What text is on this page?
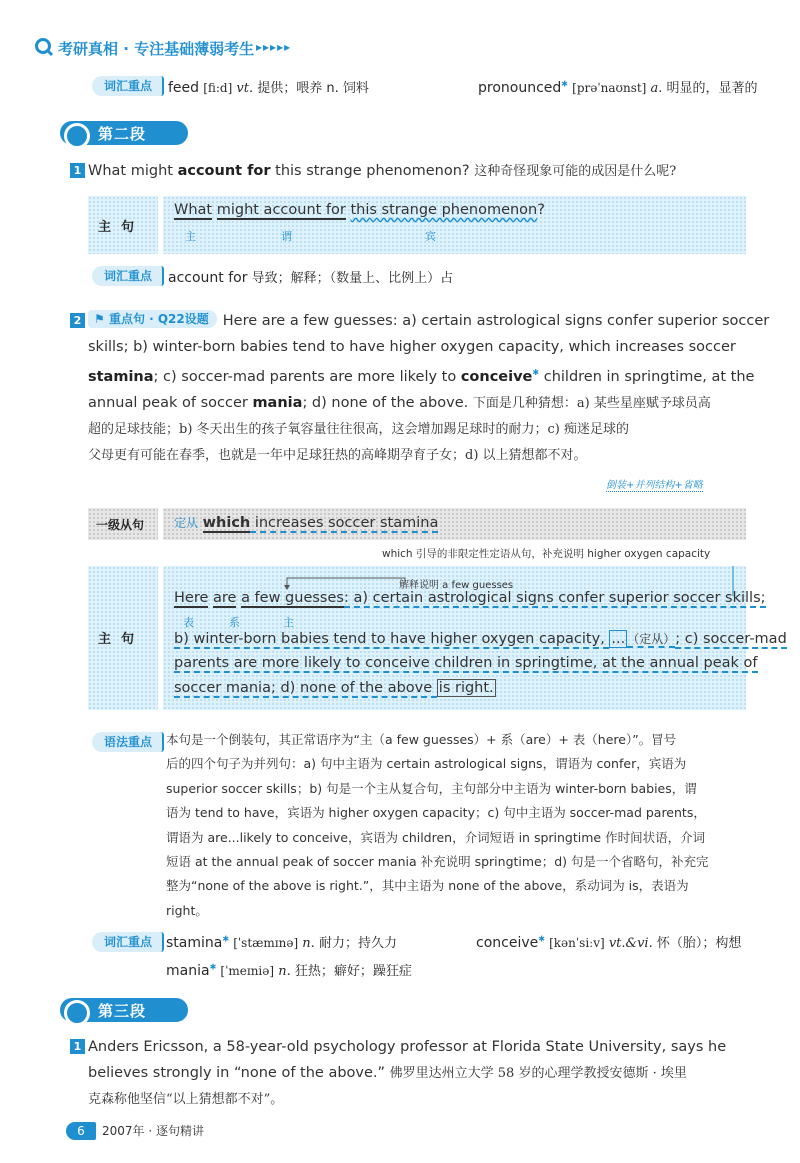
考研真相 · 专注基础薄弱考生 ▸▸▸▸▸
词汇重点	feed [fi:d] vt. 提供；喂养 n. 饲料	pronounced✱ [prəˈnaʊnst] a. 明显的，显著的
第二段
1 What might account for this strange phenomenon? 这种奇怪现象可能的成因是什么呢?
主句
What might account for this strange phenomenon?
主	谓	宾
词汇重点	account for 导致；解释；（数量上、比例上）占
2 ⚑ 重点句 · Q22设题 Here are a few guesses: a) certain astrological signs confer superior soccer
skills; b) winter-born babies tend to have higher oxygen capacity, which increases soccer
stamina; c) soccer-mad parents are more likely to conceive✱ children in springtime, at the
annual peak of soccer mania; d) none of the above. 下面是几种猜想：a) 某些星座赋予球员高
超的足球技能；b) 冬天出生的孩子氧容量往往很高，这会增加踢足球时的耐力；c) 痴迷足球的
父母更有可能在春季，也就是一年中足球狂热的高峰期孕育子女；d) 以上猜想都不对。
倒装+并列结构+省略
一级从句 定从 which increases soccer stamina
which 引导的非限定性定语从句，补充说明 higher oxygen capacity
主句
解释说明 a few guesses
Here are a few guesses: a) certain astrological signs confer superior soccer skills;
表	系	主
b) winter-born babies tend to have higher oxygen capacity, ... （定从）; c) soccer-mad
parents are more likely to conceive children in springtime, at the annual peak of
soccer mania; d) none of the above is right.
语法重点	本句是一个倒装句，其正常语序为“主（a few guesses）+ 系（are）+ 表（here）”。冒号
后的四个句子为并列句：a) 句中主语为 certain astrological signs，谓语为 confer，宾语为
superior soccer skills；b) 句是一个主从复合句，主句部分中主语为 winter-born babies，谓
语为 tend to have，宾语为 higher oxygen capacity；c) 句中主语为 soccer-mad parents，
谓语为 are...likely to conceive，宾语为 children，介词短语 in springtime 作时间状语，介词
短语 at the annual peak of soccer mania 补充说明 springtime；d) 句是一个省略句，补充完
整为“none of the above is right.”，其中主语为 none of the above，系动词为 is，表语为
right。
词汇重点 stamina✱ [ˈstæmɪnə] n. 耐力；持久力	conceive✱ [kənˈsiːv] vt.&vi. 怀（胎）；构想
mania✱ [ˈmeɪniə] n. 狂热；癖好；躁狂症
第三段
1 Anders Ericsson, a 58-year-old psychology professor at Florida State University, says he
believes strongly in “none of the above.” 佛罗里达州立大学 58 岁的心理学教授安德斯 · 埃里
克森称他坚信“以上猜想都不对”。
6	2007年 · 逐句精讲
